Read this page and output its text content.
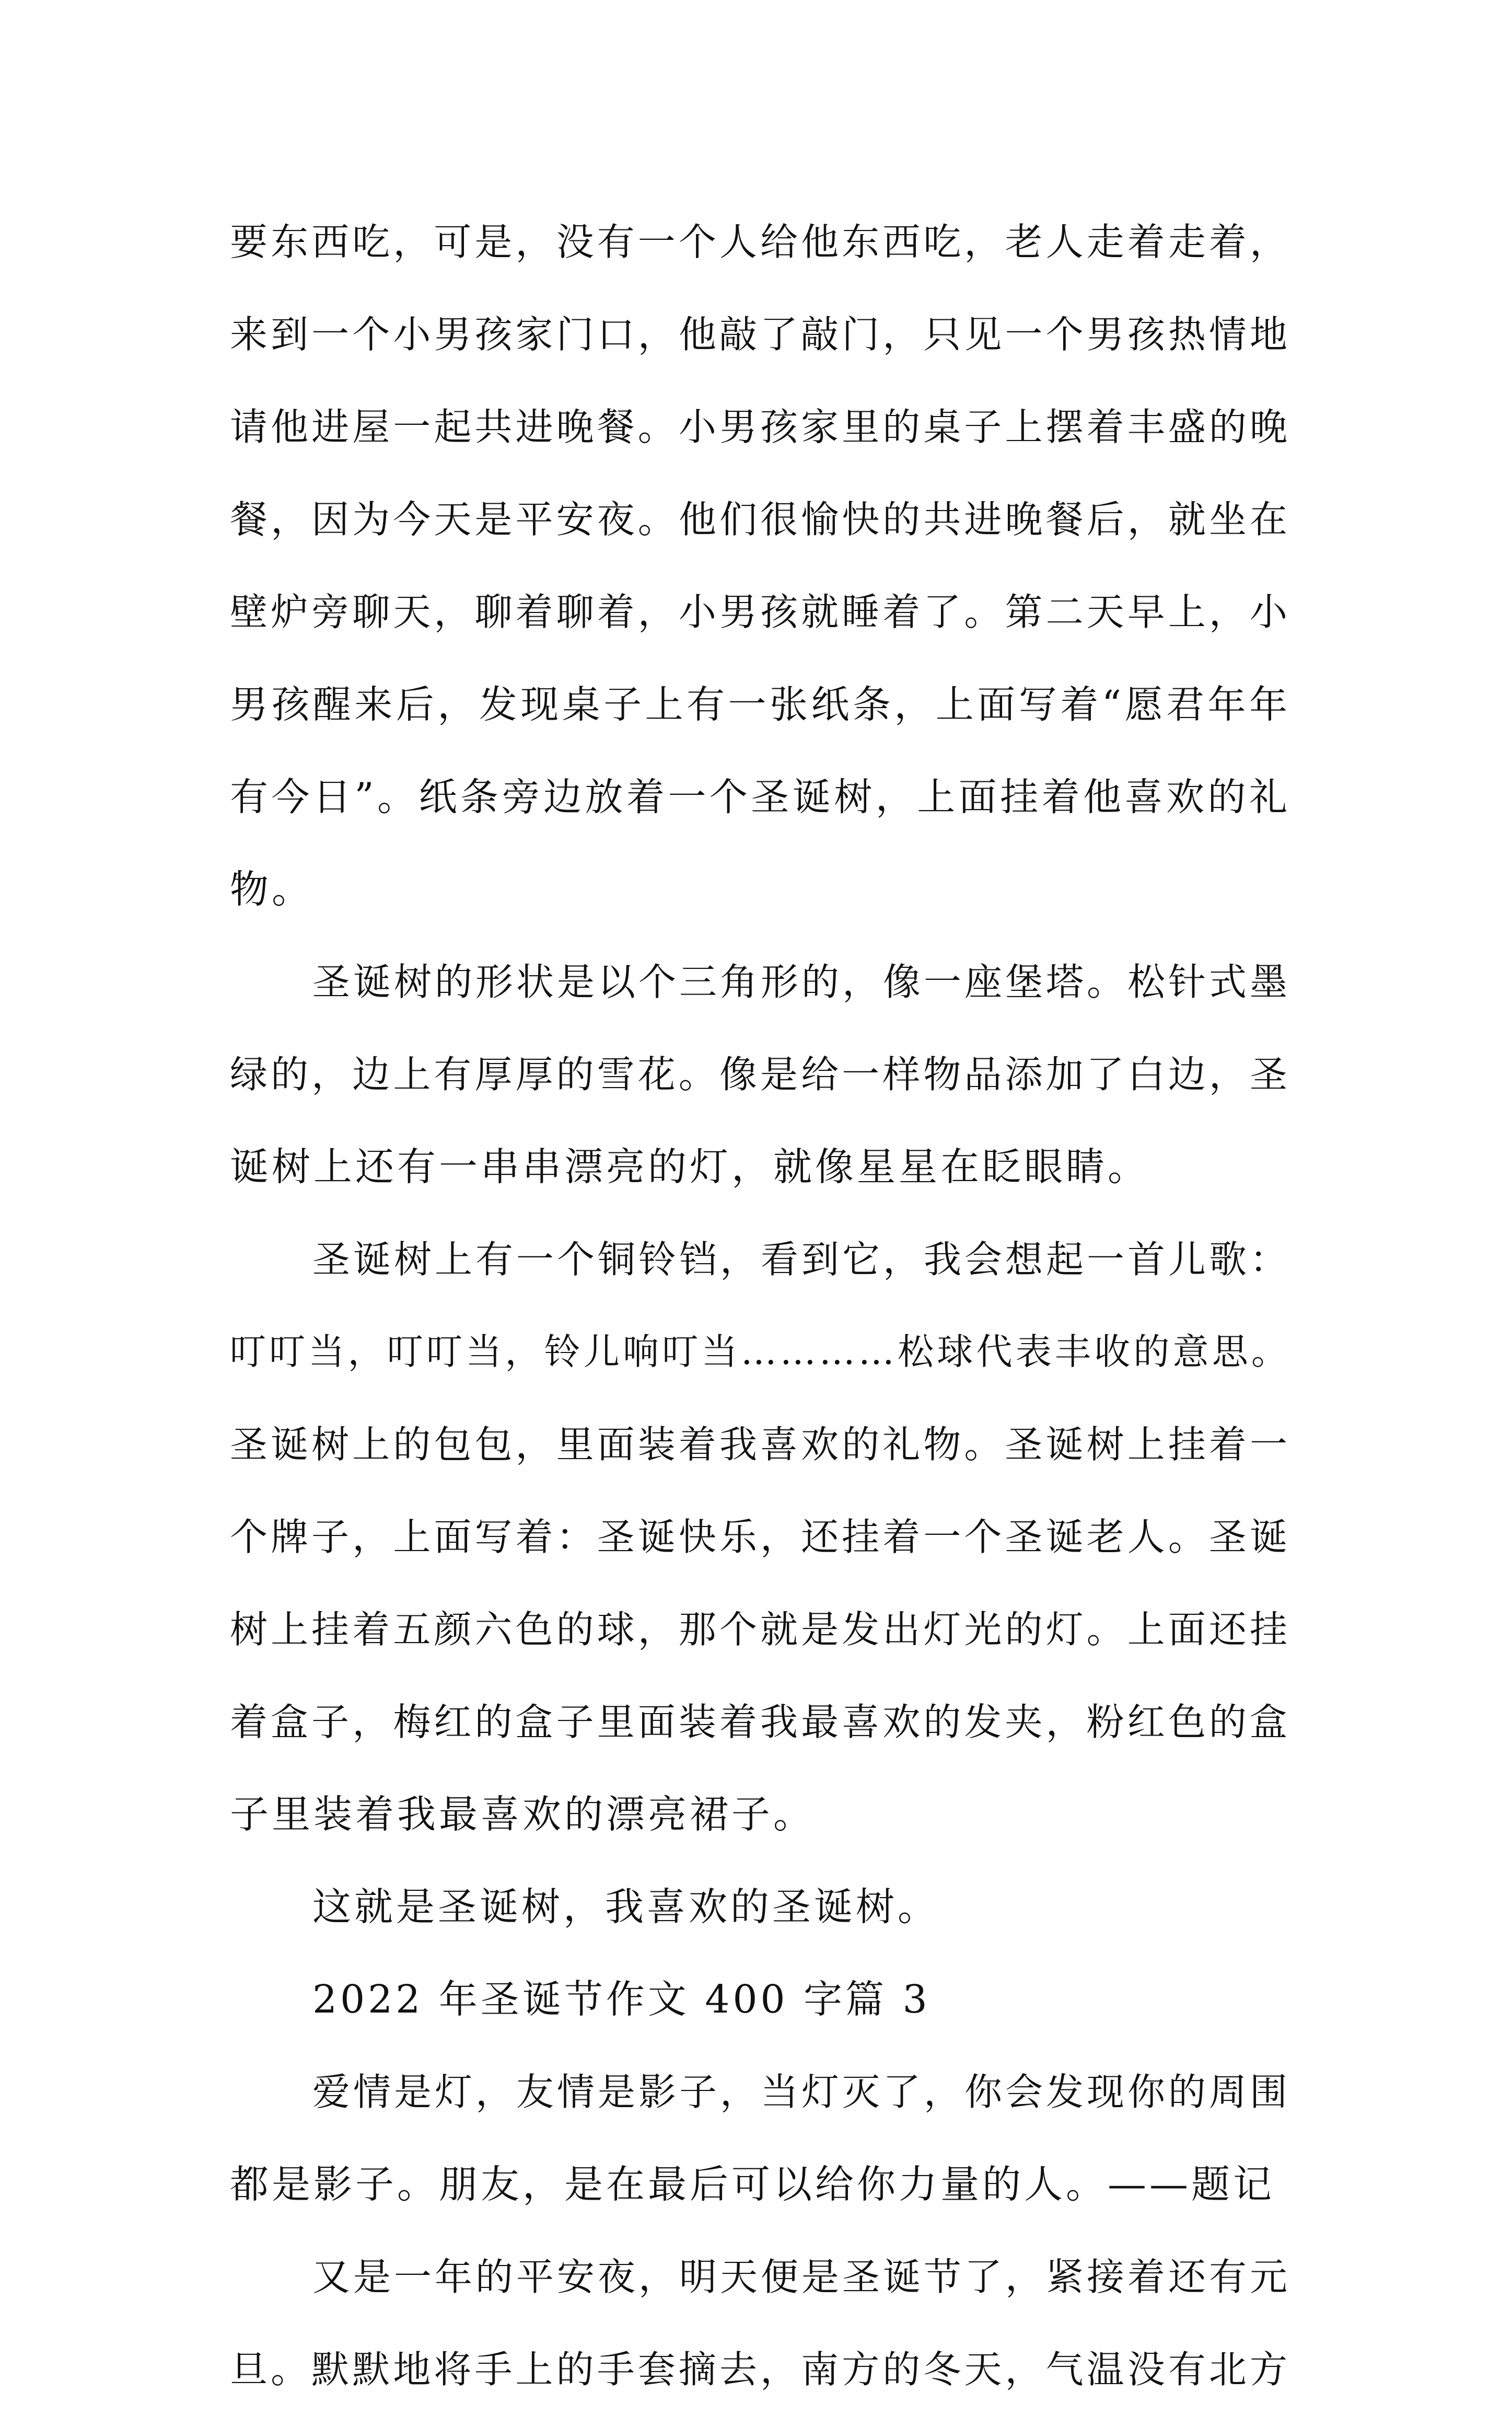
要东西吃，可是，没有一个人给他东西吃，老人走着走着，
来到一个小男孩家门口，他敲了敲门，只见一个男孩热情地
请他进屋一起共进晚餐。小男孩家里的桌子上摆着丰盛的晚
餐，因为今天是平安夜。他们很愉快的共进晚餐后，就坐在
壁炉旁聊天，聊着聊着，小男孩就睡着了。第二天早上，小
男孩醒来后，发现桌子上有一张纸条，上面写着“愿君年年
有今日”。纸条旁边放着一个圣诞树，上面挂着他喜欢的礼
物。
圣诞树的形状是以个三角形的，像一座堡塔。松针式墨
绿的，边上有厚厚的雪花。像是给一样物品添加了白边，圣
诞树上还有一串串漂亮的灯，就像星星在眨眼睛。
圣诞树上有一个铜铃铛，看到它，我会想起一首儿歌：
叮叮当，叮叮当，铃儿响叮当…………松球代表丰收的意思。
圣诞树上的包包，里面装着我喜欢的礼物。圣诞树上挂着一
个牌子，上面写着：圣诞快乐，还挂着一个圣诞老人。圣诞
树上挂着五颜六色的球，那个就是发出灯光的灯。上面还挂
着盒子，梅红的盒子里面装着我最喜欢的发夹，粉红色的盒
子里装着我最喜欢的漂亮裙子。
这就是圣诞树，我喜欢的圣诞树。
2022 年圣诞节作文 400 字篇 3
爱情是灯，友情是影子，当灯灭了，你会发现你的周围
都是影子。朋友，是在最后可以给你力量的人。——题记
又是一年的平安夜，明天便是圣诞节了，紧接着还有元
旦。默默地将手上的手套摘去，南方的冬天，气温没有北方
